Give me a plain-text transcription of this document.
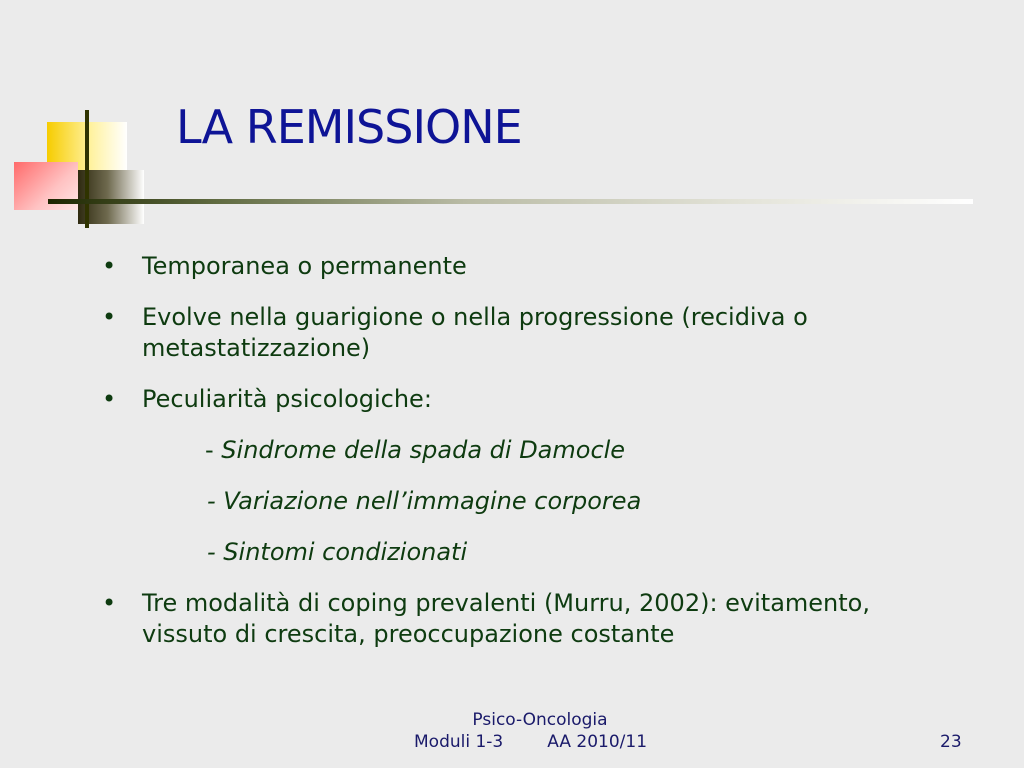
LA REMISSIONE
• Temporanea o permanente
• Evolve nella guarigione o nella progressione (recidiva o metastatizzazione)
• Peculiarità psicologiche:
- Sindrome della spada di Damocle
- Variazione nell’immagine corporea
- Sintomi condizionati
• Tre modalità di coping prevalenti (Murru, 2002): evitamento, vissuto di crescita, preoccupazione costante
Psico-Oncologia
Moduli 1-3	AA 2010/11	23
